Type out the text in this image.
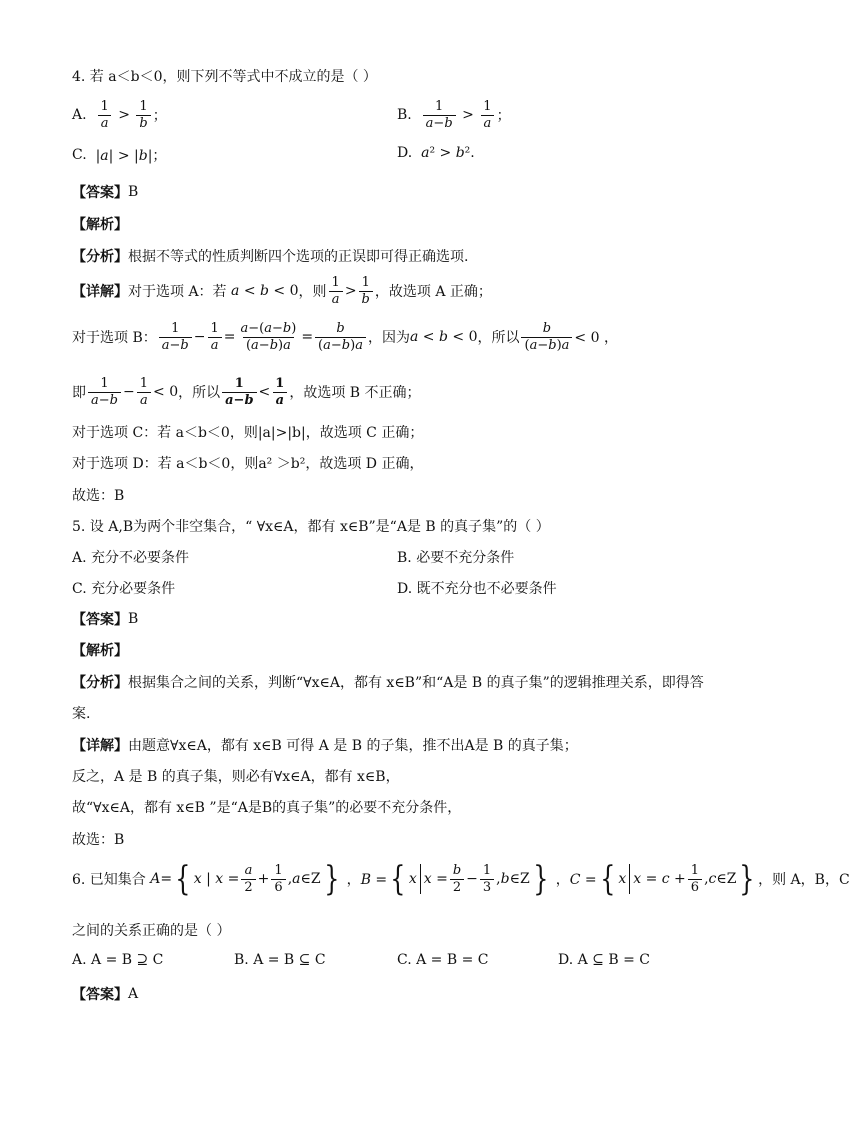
4. 若 a＜b＜0，则下列不等式中不成立的是（ ）
A.
$\frac{1}{a} > \frac{1}{b}$ ；	B.
$\frac{1}{a-b} > \frac{1}{a}$ ；
C.
|a| > |b|；	D.
a² > b².
【答案】 B
【解析】
【分析】 根据不等式的性质判断四个选项的正误即可得正确选项.
【详解】 对于选项 A：若 a < b < 0 ，则 $\frac{1}{a} > \frac{1}{b}$ ，故选项 A 正确；
对于选项 B： $\frac{1}{a-b} - \frac{1}{a} = \frac{a-(a-b)}{(a-b)a} = \frac{b}{(a-b)a}$ ，因为 a < b < 0 ，所以 $\frac{b}{(a-b)a} < 0$ ，
即 $\frac{1}{a-b} - \frac{1}{a} < 0$ ，所以 $\frac{1}{a-b} < \frac{1}{a}$ ，故选项 B 不正确；
对于选项 C：若 a＜b＜0，则|a|>|b|，故选项 C 正确；
对于选项 D：若 a＜b＜0，则a² ＞b²，故选项 D 正确，
故选：B
5. 设 A,B为两个非空集合，“ ∀x∈A，都有 x∈B”是“A是 B 的真子集”的（ ）
A. 充分不必要条件	B. 必要不充分条件
C. 充分必要条件	D. 既不充分也不必要条件
【答案】 B
【解析】
【分析】 根据集合之间的关系，判断“∀x∈A，都有 x∈B”和“A是 B 的真子集”的逻辑推理关系，即得答
案.
【详解】 由题意∀x∈A，都有 x∈B 可得 A 是 B 的子集，推不出A是 B 的真子集；
反之，A 是 B 的真子集，则必有∀x∈A，都有 x∈B，
故“∀x∈A，都有 x∈B ”是“A是B的真子集”的必要不充分条件，
故选：B
6. 已知集合 A= { x | $x = \frac{a}{2} + \frac{1}{6}$ ,a∈Z } ，B = { x $x = \frac{b}{2} - \frac{1}{3}$ ,b∈Z } ，C = { x $x = c + \frac{1}{6}$ ,c∈Z } ，则 A，B，C
之间的关系正确的是（ ）
A. A = B ⊇ C	B. A = B ⊆ C	C. A = B = C	D. A ⊆ B = C
【答案】 A
